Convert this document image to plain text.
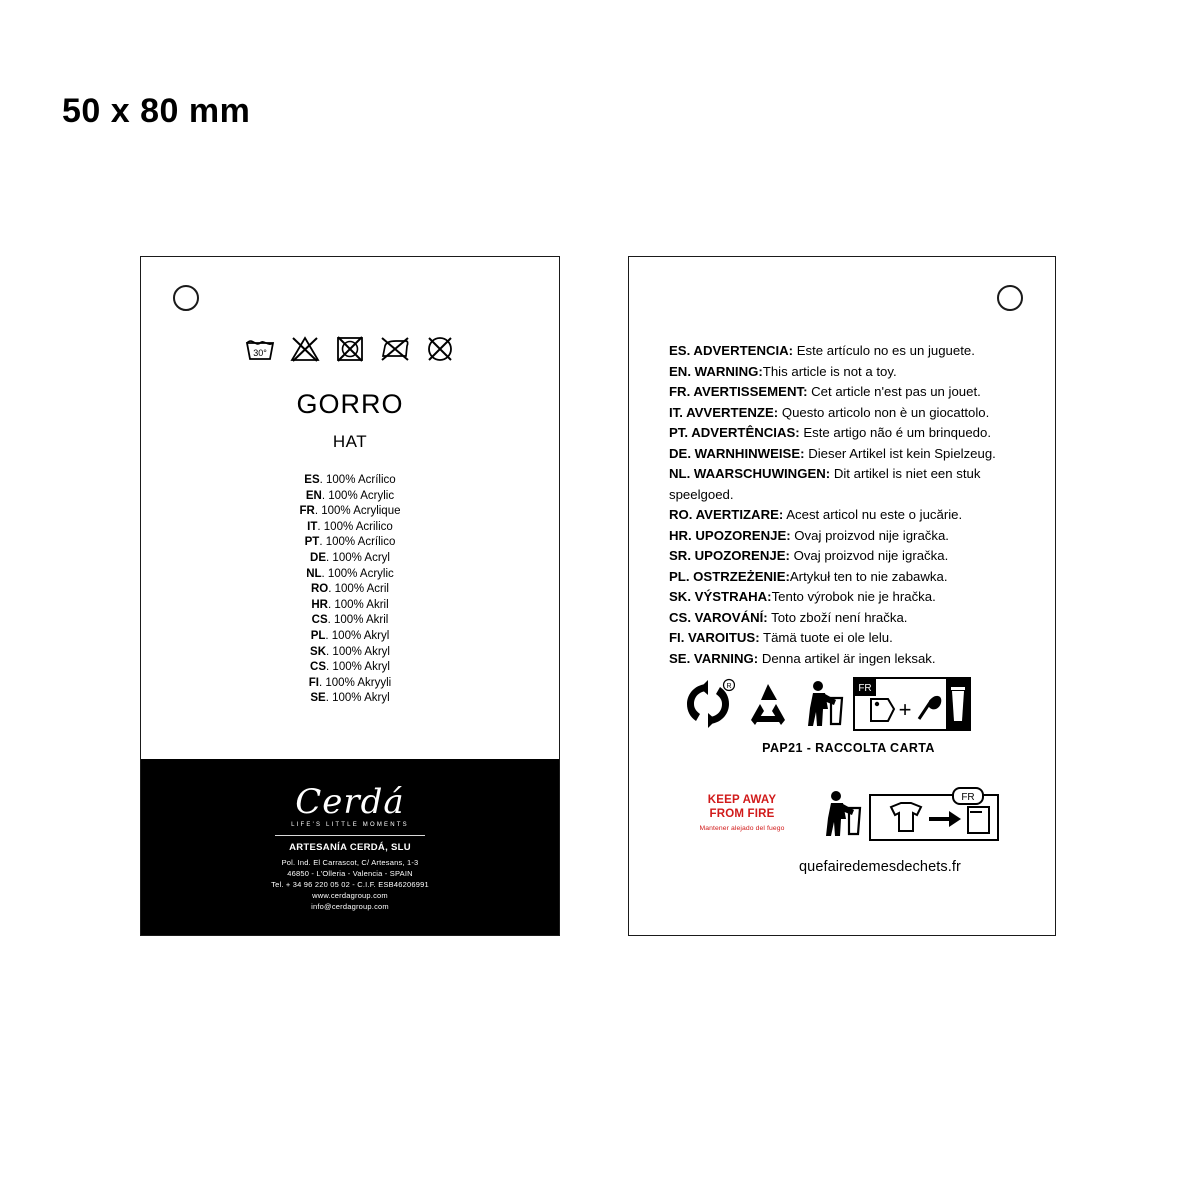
50 x 80 mm
30°
GORRO
HAT
ES. 100% Acrílico
EN. 100% Acrylic
FR. 100% Acrylique
IT. 100% Acrilico
PT. 100% Acrílico
DE. 100% Acryl
NL. 100% Acrylic
RO. 100% Acril
HR. 100% Akril
CS. 100% Akril
PL. 100% Akryl
SK. 100% Akryl
CS. 100% Akryl
FI. 100% Akryyli
SE. 100% Akryl
Cerdá
LIFE'S LITTLE MOMENTS
ARTESANÍA CERDÁ, SLU
Pol. Ind. El Carrascot, C/ Artesans, 1-3
46850 - L'Olleria - Valencia - SPAIN
Tel. + 34 96 220 05 02 - C.I.F. ESB46206991
www.cerdagroup.com
info@cerdagroup.com
ES. ADVERTENCIA: Este artículo no es un juguete.
EN. WARNING:This article is not a toy.
FR. AVERTISSEMENT: Cet article n'est pas un jouet.
IT. AVVERTENZE: Questo articolo non è un giocattolo.
PT. ADVERTÊNCIAS: Este artigo não é um brinquedo.
DE. WARNHINWEISE: Dieser Artikel ist kein Spielzeug.
NL. WAARSCHUWINGEN: Dit artikel is niet een stuk speelgoed.
RO. AVERTIZARE: Acest articol nu este o jucărie.
HR. UPOZORENJE: Ovaj proizvod nije igračka.
SR. UPOZORENJE: Ovaj proizvod nije igračka.
PL. OSTRZEŻENIE:Artykuł ten to nie zabawka.
SK. VÝSTRAHA:Tento výrobok nie je hračka.
CS. VAROVÁNÍ: Toto zboží není hračka.
FI. VAROITUS: Tämä tuote ei ole lelu.
SE. VARNING: Denna artikel är ingen leksak.
R	FR
+
PAP21 - RACCOLTA CARTA
KEEP AWAY
FROM FIRE
Mantener alejado del fuego
FR
quefairedemesdechets.fr
